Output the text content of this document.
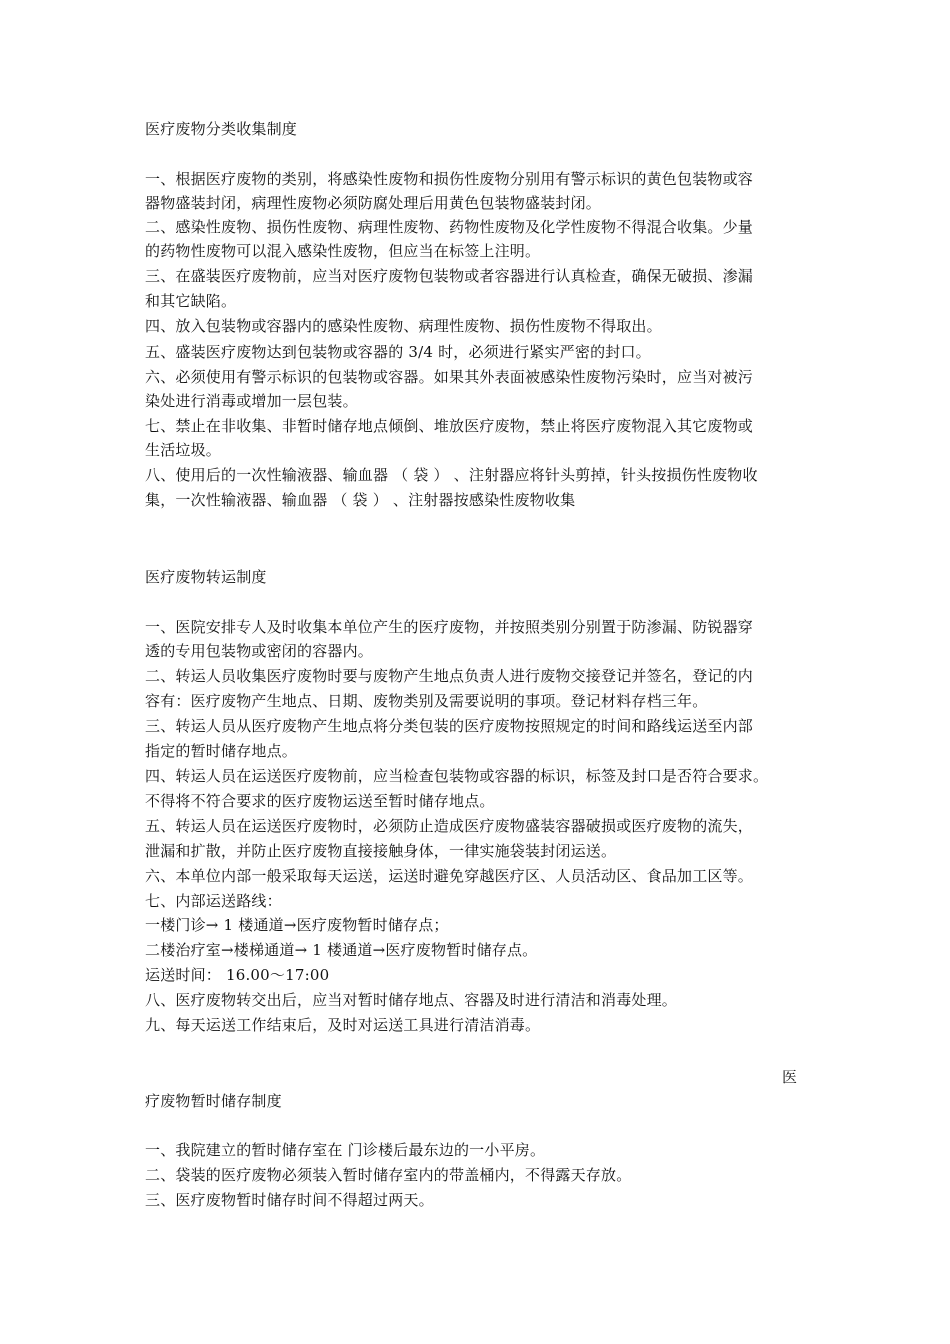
医疗废物分类收集制度
一、根据医疗废物的类别，将感染性废物和损伤性废物分别用有警示标识的黄色包装物或容
器物盛装封闭，病理性废物必须防腐处理后用黄色包装物盛装封闭。
二、感染性废物、损伤性废物、病理性废物、药物性废物及化学性废物不得混合收集。少量
的药物性废物可以混入感染性废物，但应当在标签上注明。
三、在盛装医疗废物前，应当对医疗废物包装物或者容器进行认真检查，确保无破损、渗漏
和其它缺陷。
四、放入包装物或容器内的感染性废物、病理性废物、损伤性废物不得取出。
五、盛装医疗废物达到包装物或容器的 3/4 时，必须进行紧实严密的封口。
六、必须使用有警示标识的包装物或容器。如果其外表面被感染性废物污染时，应当对被污
染处进行消毒或增加一层包装。
七、禁止在非收集、非暂时储存地点倾倒、堆放医疗废物，禁止将医疗废物混入其它废物或
生活垃圾。
八、使用后的一次性输液器、输血器 （ 袋 ） 、注射器应将针头剪掉，针头按损伤性废物收
集，一次性输液器、输血器 （ 袋 ） 、注射器按感染性废物收集
医疗废物转运制度
一、医院安排专人及时收集本单位产生的医疗废物，并按照类别分别置于防渗漏、防锐器穿
透的专用包装物或密闭的容器内。
二、转运人员收集医疗废物时要与废物产生地点负责人进行废物交接登记并签名，登记的内
容有：医疗废物产生地点、日期、废物类别及需要说明的事项。登记材料存档三年。
三、转运人员从医疗废物产生地点将分类包装的医疗废物按照规定的时间和路线运送至内部
指定的暂时储存地点。
四、转运人员在运送医疗废物前，应当检查包装物或容器的标识，标签及封口是否符合要求。
不得将不符合要求的医疗废物运送至暂时储存地点。
五、转运人员在运送医疗废物时，必须防止造成医疗废物盛装容器破损或医疗废物的流失，
泄漏和扩散，并防止医疗废物直接接触身体，一律实施袋装封闭运送。
六、本单位内部一般采取每天运送，运送时避免穿越医疗区、人员活动区、食品加工区等。
七、内部运送路线：
一楼门诊→ 1 楼通道→医疗废物暂时储存点；
二楼治疗室→楼梯通道→ 1 楼通道→医疗废物暂时储存点。
运送时间： 16.00～17:00
八、医疗废物转交出后，应当对暂时储存地点、容器及时进行清洁和消毒处理。
九、每天运送工作结束后，及时对运送工具进行清洁消毒。
医
疗废物暂时储存制度
一、我院建立的暂时储存室在 门诊楼后最东边的一小平房。
二、袋装的医疗废物必须装入暂时储存室内的带盖桶内，不得露天存放。
三、医疗废物暂时储存时间不得超过两天。
